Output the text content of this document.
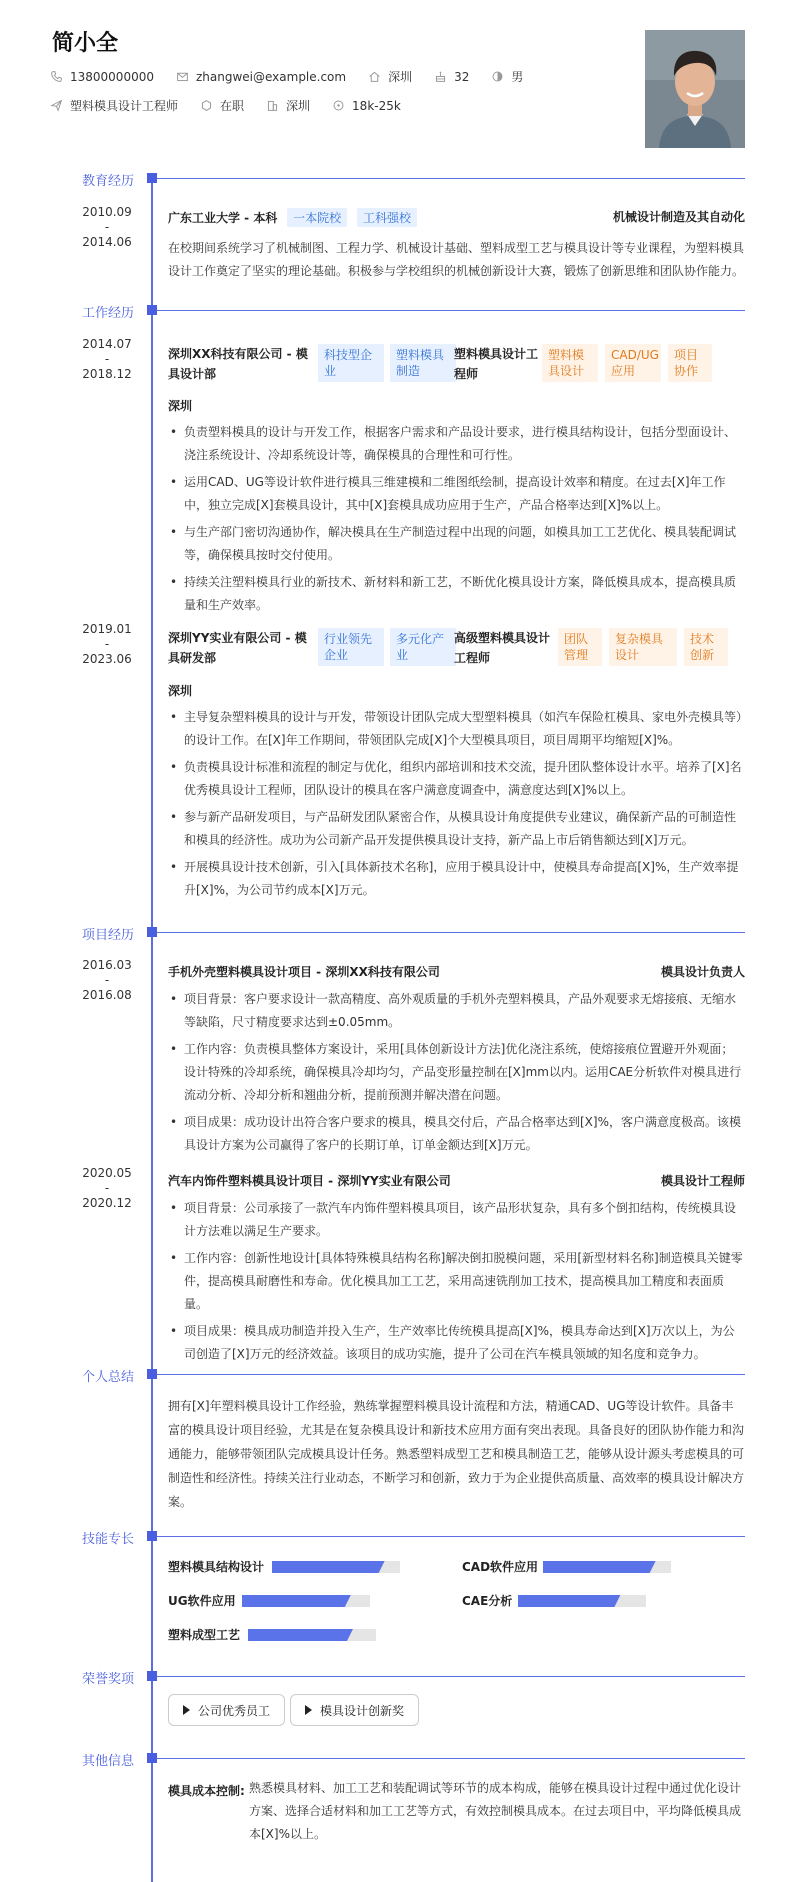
简小全
13800000000	zhangwei@example.com	深圳	32	男
塑料模具设计工程师	在职	深圳	18k-25k
教育经历
2010.09
-
2014.06
广东工业大学 - 本科 一本院校 工科强校	机械设计制造及其自动化
在校期间系统学习了机械制图、工程力学、机械设计基础、塑料成型工艺与模具设计等专业课程，为塑料模具设计工作奠定了坚实的理论基础。积极参与学校组织的机械创新设计大赛，锻炼了创新思维和团队协作能力。
工作经历
2014.07
-
2018.12
深圳XX科技有限公司 - 模具设计部
科技型企业
塑料模具制造
塑料模具设计工程师
塑料模具设计
CAD/UG应用
项目协作
深圳
• 负责塑料模具的设计与开发工作，根据客户需求和产品设计要求，进行模具结构设计，包括分型面设计、浇注系统设计、冷却系统设计等，确保模具的合理性和可行性。
• 运用CAD、UG等设计软件进行模具三维建模和二维图纸绘制，提高设计效率和精度。在过去[X]年工作中，独立完成[X]套模具设计，其中[X]套模具成功应用于生产，产品合格率达到[X]%以上。
• 与生产部门密切沟通协作，解决模具在生产制造过程中出现的问题，如模具加工工艺优化、模具装配调试等，确保模具按时交付使用。
• 持续关注塑料模具行业的新技术、新材料和新工艺，不断优化模具设计方案，降低模具成本，提高模具质量和生产效率。
2019.01
-
2023.06
深圳YY实业有限公司 - 模具研发部
行业领先企业
多元化产业
高级塑料模具设计工程师
团队管理
复杂模具设计
技术创新
深圳
• 主导复杂塑料模具的设计与开发，带领设计团队完成大型塑料模具（如汽车保险杠模具、家电外壳模具等）的设计工作。在[X]年工作期间，带领团队完成[X]个大型模具项目，项目周期平均缩短[X]%。
• 负责模具设计标准和流程的制定与优化，组织内部培训和技术交流，提升团队整体设计水平。培养了[X]名优秀模具设计工程师，团队设计的模具在客户满意度调查中，满意度达到[X]%以上。
• 参与新产品研发项目，与产品研发团队紧密合作，从模具设计角度提供专业建议，确保新产品的可制造性和模具的经济性。成功为公司新产品开发提供模具设计支持，新产品上市后销售额达到[X]万元。
• 开展模具设计技术创新，引入[具体新技术名称]，应用于模具设计中，使模具寿命提高[X]%，生产效率提升[X]%，为公司节约成本[X]万元。
项目经历
2016.03
-
2016.08
手机外壳塑料模具设计项目 - 深圳XX科技有限公司	模具设计负责人
• 项目背景：客户要求设计一款高精度、高外观质量的手机外壳塑料模具，产品外观要求无熔接痕、无缩水等缺陷，尺寸精度要求达到±0.05mm。
• 工作内容：负责模具整体方案设计，采用[具体创新设计方法]优化浇注系统，使熔接痕位置避开外观面；设计特殊的冷却系统，确保模具冷却均匀，产品变形量控制在[X]mm以内。运用CAE分析软件对模具进行流动分析、冷却分析和翘曲分析，提前预测并解决潜在问题。
• 项目成果：成功设计出符合客户要求的模具，模具交付后，产品合格率达到[X]%，客户满意度极高。该模具设计方案为公司赢得了客户的长期订单，订单金额达到[X]万元。
2020.05
-
2020.12
汽车内饰件塑料模具设计项目 - 深圳YY实业有限公司	模具设计工程师
• 项目背景：公司承接了一款汽车内饰件塑料模具项目，该产品形状复杂，具有多个倒扣结构，传统模具设计方法难以满足生产要求。
• 工作内容：创新性地设计[具体特殊模具结构名称]解决倒扣脱模问题，采用[新型材料名称]制造模具关键零件，提高模具耐磨性和寿命。优化模具加工工艺，采用高速铣削加工技术，提高模具加工精度和表面质量。
• 项目成果：模具成功制造并投入生产，生产效率比传统模具提高[X]%，模具寿命达到[X]万次以上，为公司创造了[X]万元的经济效益。该项目的成功实施，提升了公司在汽车模具领域的知名度和竞争力。
个人总结
拥有[X]年塑料模具设计工作经验，熟练掌握塑料模具设计流程和方法，精通CAD、UG等设计软件。具备丰富的模具设计项目经验，尤其是在复杂模具设计和新技术应用方面有突出表现。具备良好的团队协作能力和沟通能力，能够带领团队完成模具设计任务。熟悉塑料成型工艺和模具制造工艺，能够从设计源头考虑模具的可制造性和经济性。持续关注行业动态，不断学习和创新，致力于为企业提供高质量、高效率的模具设计解决方案。
技能专长
塑料模具结构设计	CAD软件应用
UG软件应用	CAE分析
塑料成型工艺
荣誉奖项
公司优秀员工	模具设计创新奖
其他信息
模具成本控制: 熟悉模具材料、加工工艺和装配调试等环节的成本构成，能够在模具设计过程中通过优化设计方案、选择合适材料和加工工艺等方式，有效控制模具成本。在过去项目中，平均降低模具成本[X]%以上。
